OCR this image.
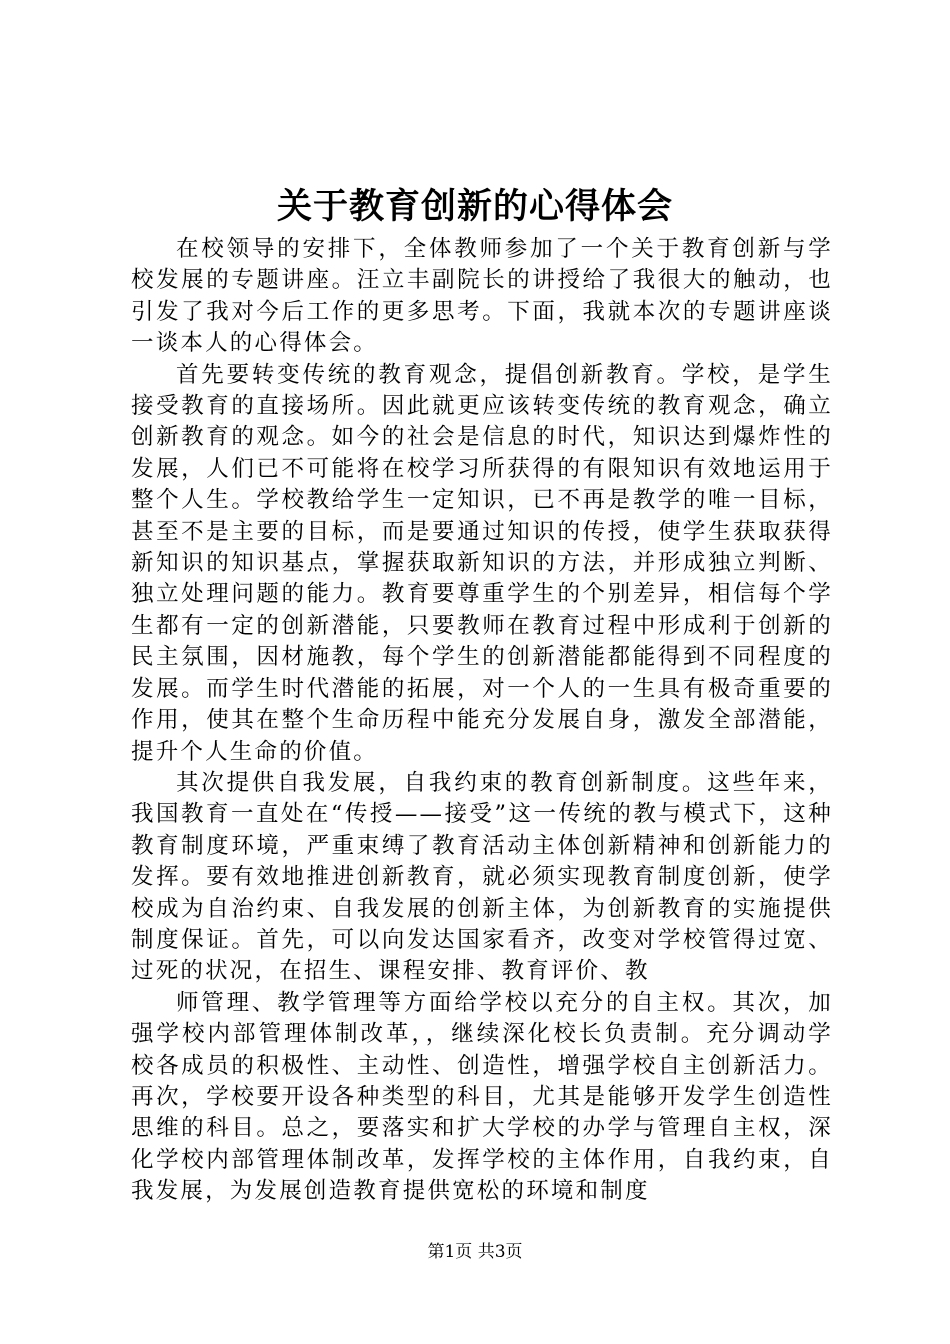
关于教育创新的心得体会

在校领导的安排下，全体教师参加了一个关于教育创新与学校发展的专题讲座。汪立丰副院长的讲授给了我很大的触动，也引发了我对今后工作的更多思考。下面，我就本次的专题讲座谈一谈本人的心得体会。

首先要转变传统的教育观念，提倡创新教育。学校，是学生接受教育的直接场所。因此就更应该转变传统的教育观念，确立创新教育的观念。如今的社会是信息的时代，知识达到爆炸性的发展，人们已不可能将在校学习所获得的有限知识有效地运用于整个人生。学校教给学生一定知识，已不再是教学的唯一目标，甚至不是主要的目标，而是要通过知识的传授，使学生获取获得新知识的知识基点，掌握获取新知识的方法，并形成独立判断、独立处理问题的能力。教育要尊重学生的个别差异，相信每个学生都有一定的创新潜能，只要教师在教育过程中形成利于创新的民主氛围，因材施教，每个学生的创新潜能都能得到不同程度的发展。而学生时代潜能的拓展，对一个人的一生具有极奇重要的作用，使其在整个生命历程中能充分发展自身，激发全部潜能，提升个人生命的价值。

其次提供自我发展，自我约束的教育创新制度。这些年来，我国教育一直处在“传授——接受”这一传统的教与模式下，这种教育制度环境，严重束缚了教育活动主体创新精神和创新能力的发挥。要有效地推进创新教育，就必须实现教育制度创新，使学校成为自治约束、自我发展的创新主体，为创新教育的实施提供制度保证。首先，可以向发达国家看齐，改变对学校管得过宽、过死的状况，在招生、课程安排、教育评价、教

师管理、教学管理等方面给学校以充分的自主权。其次，加强学校内部管理体制改革，，继续深化校长负责制。充分调动学校各成员的积极性、主动性、创造性，增强学校自主创新活力。再次，学校要开设各种类型的科目，尤其是能够开发学生创造性思维的科目。总之，要落实和扩大学校的办学与管理自主权，深化学校内部管理体制改革，发挥学校的主体作用，自我约束，自我发展，为发展创造教育提供宽松的环境和制度

第1页 共3页
